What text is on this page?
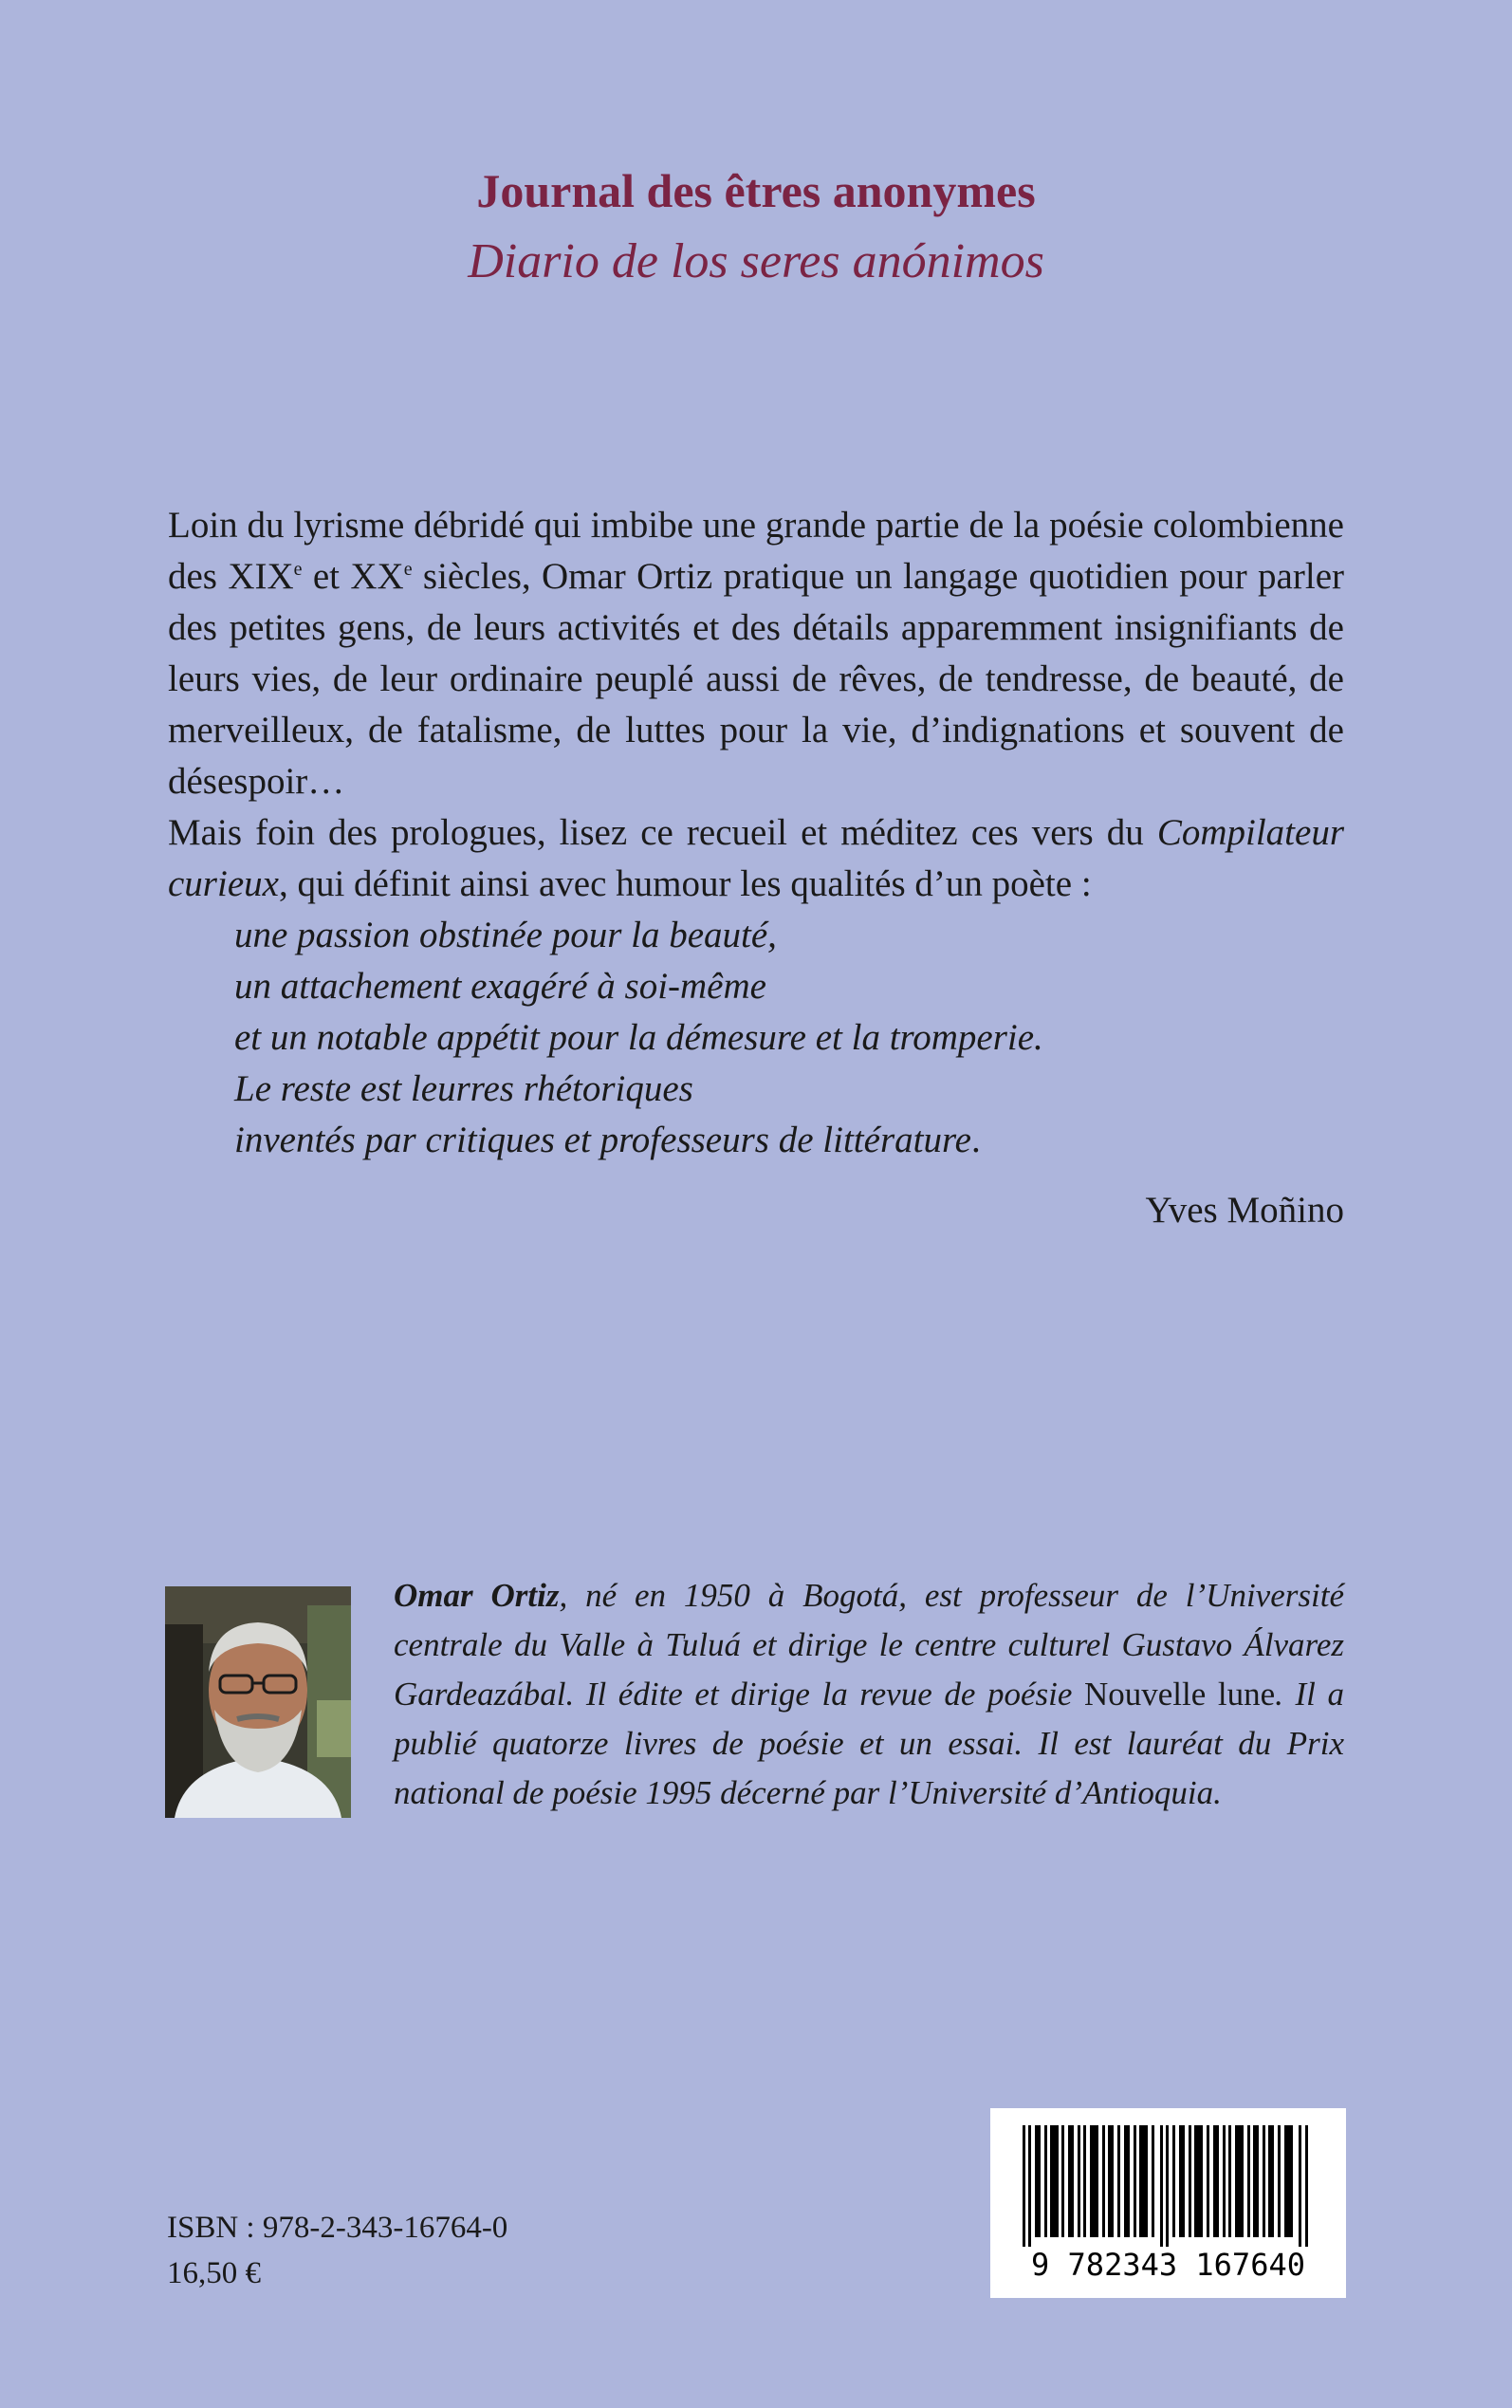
Journal des êtres anonymes
Diario de los seres anónimos

Loin du lyrisme débridé qui imbibe une grande partie de la poésie colombienne des XIXe et XXe siècles, Omar Ortiz pratique un langage quotidien pour parler des petites gens, de leurs activités et des détails apparemment insignifiants de leurs vies, de leur ordinaire peuplé aussi de rêves, de tendresse, de beauté, de merveilleux, de fatalisme, de luttes pour la vie, d’indignations et souvent de désespoir…

Mais foin des prologues, lisez ce recueil et méditez ces vers du Compilateur curieux, qui définit ainsi avec humour les qualités d’un poète :

une passion obstinée pour la beauté,
un attachement exagéré à soi-même
et un notable appétit pour la démesure et la tromperie.
Le reste est leurres rhétoriques
inventés par critiques et professeurs de littérature.
Yves Moñino
Omar Ortiz, né en 1950 à Bogotá, est professeur de l’Université centrale du Valle à Tuluá et dirige le centre culturel Gustavo Álvarez Gardeazábal. Il édite et dirige la revue de poésie Nouvelle lune. Il a publié quatorze livres de poésie et un essai. Il est lauréat du Prix national de poésie 1995 décerné par l’Université d’Antioquia.
ISBN : 978-2-343-16764-0
16,50 €	9 782343 167640
